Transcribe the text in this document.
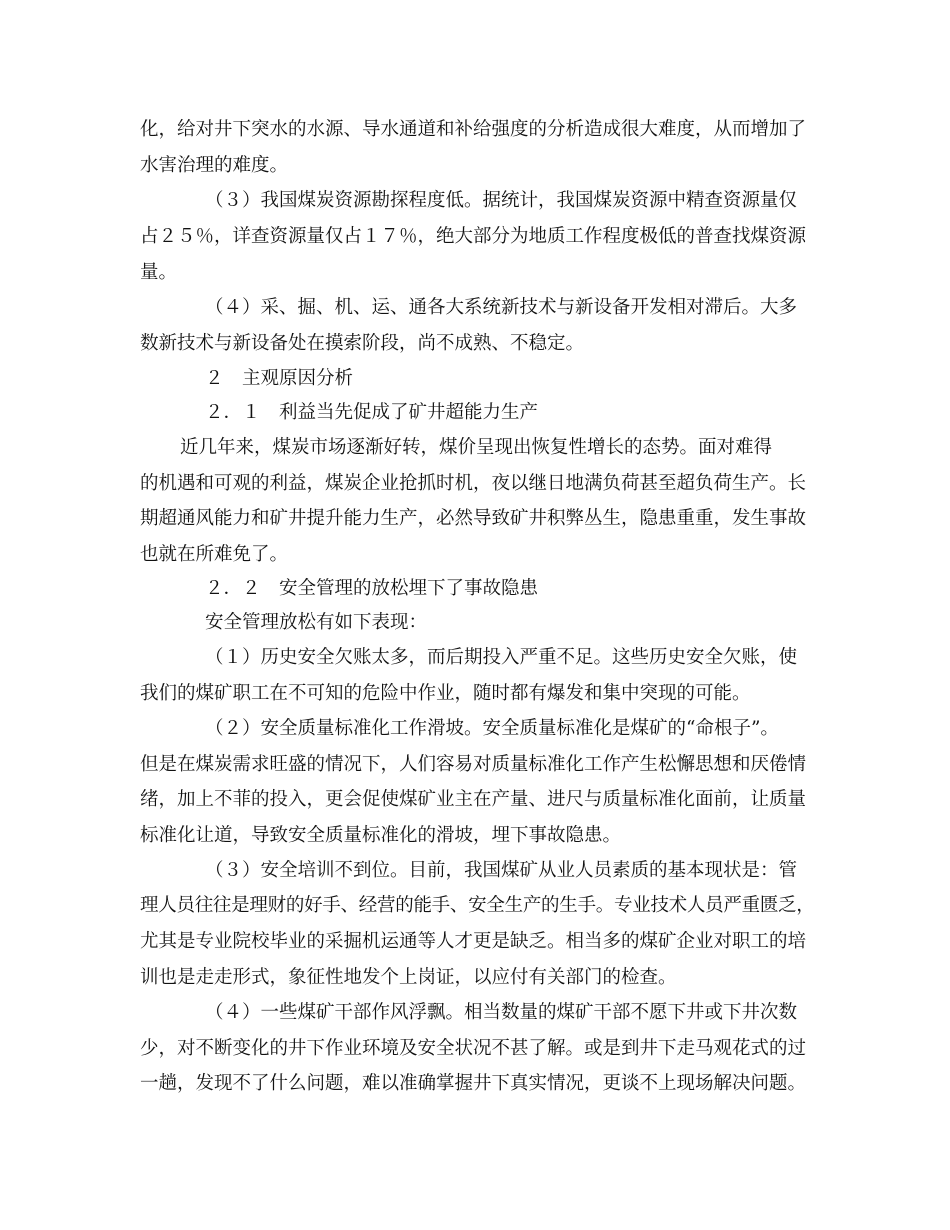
化，给对井下突水的水源、导水通道和补给强度的分析造成很大难度，从而增加了
水害治理的难度。
（３）我国煤炭资源勘探程度低。据统计，我国煤炭资源中精查资源量仅
占２５％，详查资源量仅占１７％，绝大部分为地质工作程度极低的普查找煤资源
量。
（４）采、掘、机、运、通各大系统新技术与新设备开发相对滞后。大多
数新技术与新设备处在摸索阶段，尚不成熟、不稳定。
２　主观原因分析
２．１　利益当先促成了矿井超能力生产
近几年来，煤炭市场逐渐好转，煤价呈现出恢复性增长的态势。面对难得
的机遇和可观的利益，煤炭企业抢抓时机，夜以继日地满负荷甚至超负荷生产。长
期超通风能力和矿井提升能力生产，必然导致矿井积弊丛生，隐患重重，发生事故
也就在所难免了。
２．２　安全管理的放松埋下了事故隐患
安全管理放松有如下表现：
（１）历史安全欠账太多，而后期投入严重不足。这些历史安全欠账，使
我们的煤矿职工在不可知的危险中作业，随时都有爆发和集中突现的可能。
（２）安全质量标准化工作滑坡。安全质量标准化是煤矿的“命根子”。
但是在煤炭需求旺盛的情况下，人们容易对质量标准化工作产生松懈思想和厌倦情
绪，加上不菲的投入，更会促使煤矿业主在产量、进尺与质量标准化面前，让质量
标准化让道，导致安全质量标准化的滑坡，埋下事故隐患。
（３）安全培训不到位。目前，我国煤矿从业人员素质的基本现状是：管
理人员往往是理财的好手、经营的能手、安全生产的生手。专业技术人员严重匮乏，
尤其是专业院校毕业的采掘机运通等人才更是缺乏。相当多的煤矿企业对职工的培
训也是走走形式，象征性地发个上岗证，以应付有关部门的检查。
（４）一些煤矿干部作风浮飘。相当数量的煤矿干部不愿下井或下井次数
少，对不断变化的井下作业环境及安全状况不甚了解。或是到井下走马观花式的过
一趟，发现不了什么问题，难以准确掌握井下真实情况，更谈不上现场解决问题。
